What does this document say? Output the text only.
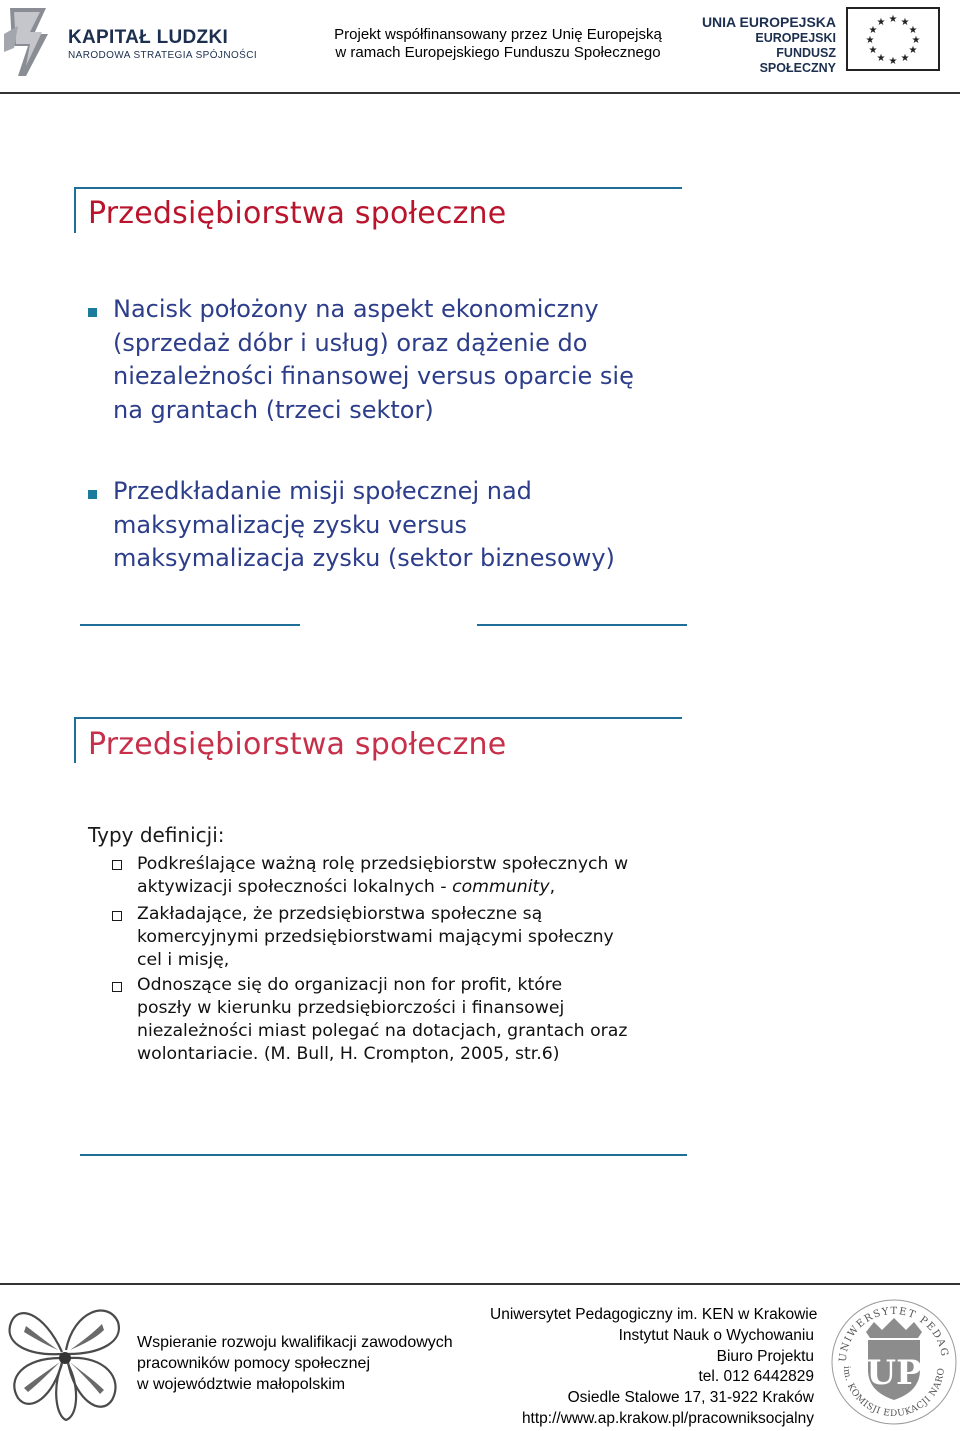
KAPITAŁ LUDZKI
NARODOWA STRATEGIA SPÓJNOŚCI
Projekt współfinansowany przez Unię Europejską
w ramach Europejskiego Funduszu Społecznego
UNIA EUROPEJSKA
EUROPEJSKI
FUNDUSZ SPOŁECZNY
★ ★
★
★
★
★
★
★
★
★
★
★
Przedsiębiorstwa społeczne
Nacisk położony na aspekt ekonomiczny
(sprzedaż dóbr i usług) oraz dążenie do
niezależności finansowej versus oparcie się
na grantach (trzeci sektor)
Przedkładanie misji społecznej nad
maksymalizację zysku versus
maksymalizacja zysku (sektor biznesowy)
Przedsiębiorstwa społeczne
Typy definicji:
Podkreślające ważną rolę przedsiębiorstw społecznych w
aktywizacji społeczności lokalnych - community,
Zakładające, że przedsiębiorstwa społeczne są
komercyjnymi przedsiębiorstwami mającymi społeczny
cel i misję,
Odnoszące się do organizacji non for profit, które
poszły w kierunku przedsiębiorczości i finansowej
niezależności miast polegać na dotacjach, grantach oraz
wolontariacie. (M. Bull, H. Crompton, 2005, str.6)
Wspieranie rozwoju kwalifikacji zawodowych
pracowników pomocy społecznej
w województwie małopolskim
Uniwersytet Pedagogiczny im. KEN w Krakowie
Instytut Nauk o Wychowaniu
Biuro Projektu
tel. 012 6442829
Osiedle Stalowe 17, 31-922 Kraków
http://www.ap.krakow.pl/pracowniksocjalny
UNIWERSYTET PEDAG
im. KOMISJI EDUKACJI NARO
UP
